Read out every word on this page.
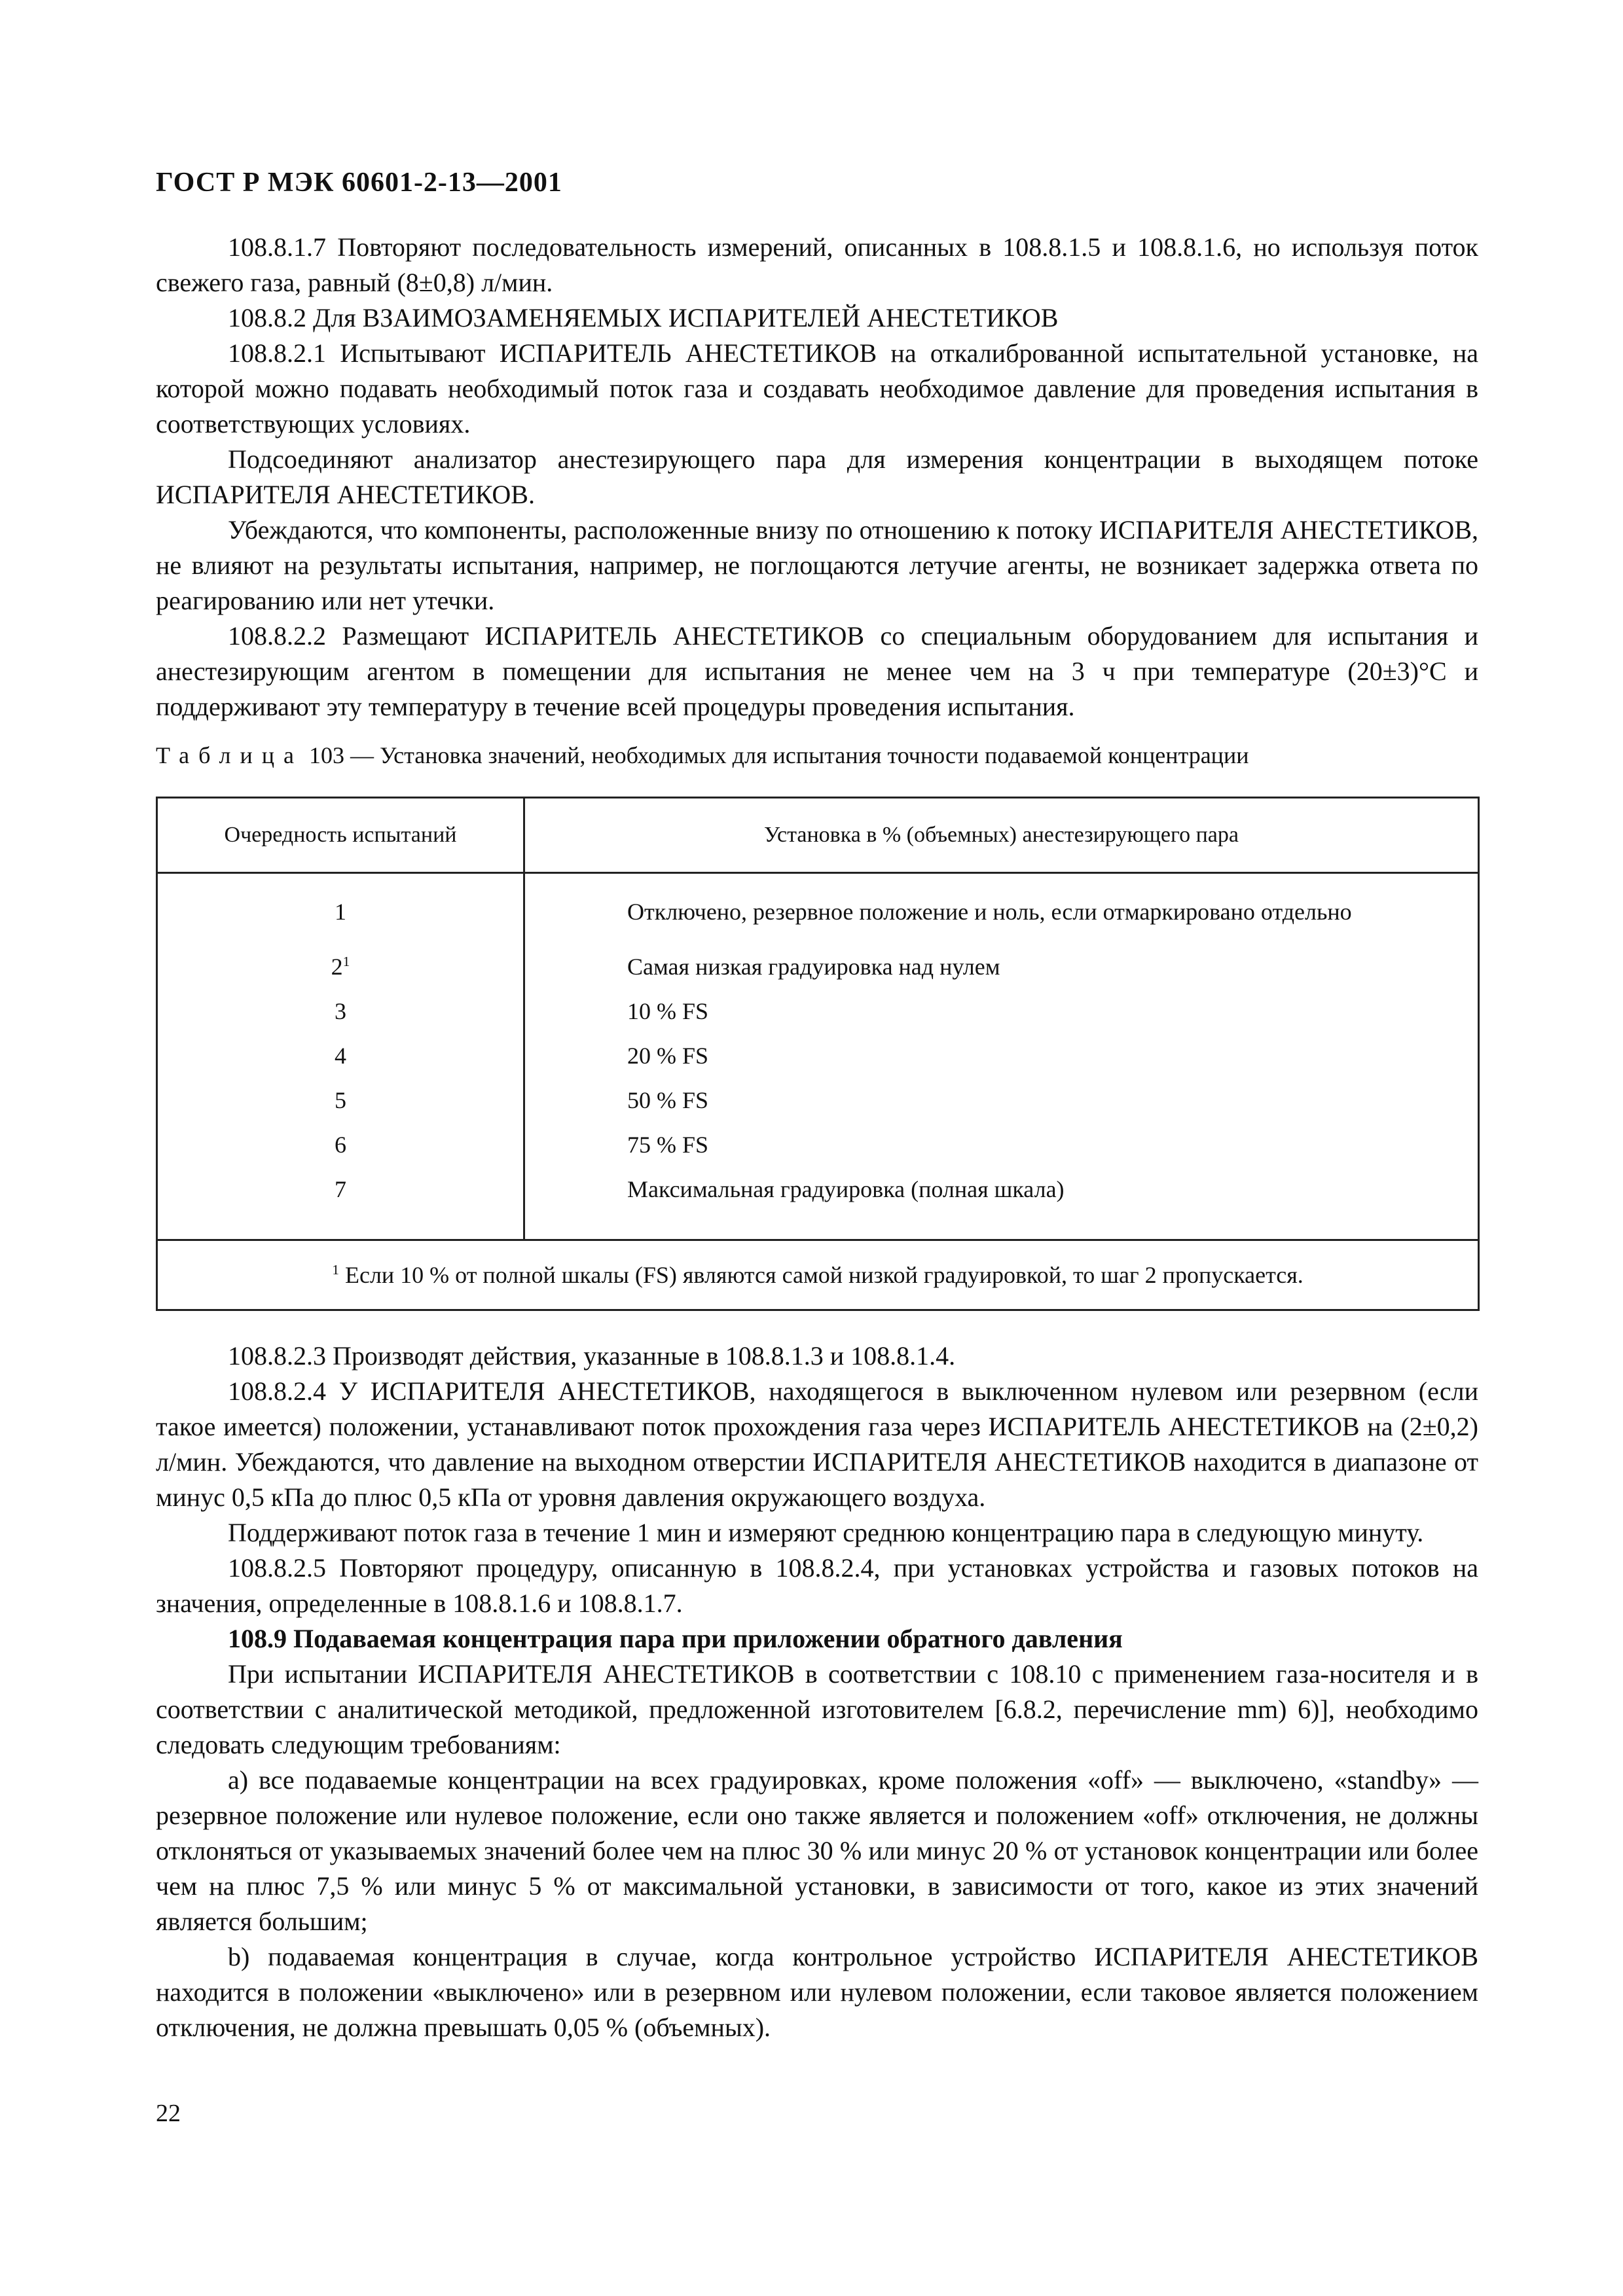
ГОСТ Р МЭК 60601-2-13—2001

108.8.1.7 Повторяют последовательность измерений, описанных в 108.8.1.5 и 108.8.1.6, но используя поток свежего газа, равный (8±0,8) л/мин.

108.8.2 Для ВЗАИМОЗАМЕНЯЕМЫХ ИСПАРИТЕЛЕЙ АНЕСТЕТИКОВ

108.8.2.1 Испытывают ИСПАРИТЕЛЬ АНЕСТЕТИКОВ на откалиброванной испытательной установке, на которой можно подавать необходимый поток газа и создавать необходимое давление для проведения испытания в соответствующих условиях.

Подсоединяют анализатор анестезирующего пара для измерения концентрации в выходящем потоке ИСПАРИТЕЛЯ АНЕСТЕТИКОВ.

Убеждаются, что компоненты, расположенные внизу по отношению к потоку ИСПАРИТЕЛЯ АНЕСТЕТИКОВ, не влияют на результаты испытания, например, не поглощаются летучие агенты, не возникает задержка ответа по реагированию или нет утечки.

108.8.2.2 Размещают ИСПАРИТЕЛЬ АНЕСТЕТИКОВ со специальным оборудованием для испытания и анестезирующим агентом в помещении для испытания не менее чем на 3 ч при температуре (20±3)°С и поддерживают эту температуру в течение всей процедуры проведения испытания.

Таблица 103 — Установка значений, необходимых для испытания точности подаваемой концентрации

Очередность испытаний	Установка в % (объемных) анестезирующего пара
1	Отключено, резервное положение и ноль, если отмаркировано отдельно

$2^1$	Самая низкая градуировка над нулем

3	10 % FS

4	20 % FS

5	50 % FS

6	75 % FS

7	Максимальная градуировка (полная шкала)

$^1$ Если 10 % от полной шкалы (FS) являются самой низкой градуировкой, то шаг 2 пропускается.	

108.8.2.3 Производят действия, указанные в 108.8.1.3 и 108.8.1.4.

108.8.2.4 У ИСПАРИТЕЛЯ АНЕСТЕТИКОВ, находящегося в выключенном нулевом или резервном (если такое имеется) положении, устанавливают поток прохождения газа через ИСПАРИТЕЛЬ АНЕСТЕТИКОВ на (2±0,2) л/мин. Убеждаются, что давление на выходном отверстии ИСПАРИТЕЛЯ АНЕСТЕТИКОВ находится в диапазоне от минус 0,5 кПа до плюс 0,5 кПа от уровня давления окружающего воздуха.

Поддерживают поток газа в течение 1 мин и измеряют среднюю концентрацию пара в следующую минуту.

108.8.2.5 Повторяют процедуру, описанную в 108.8.2.4, при установках устройства и газовых потоков на значения, определенные в 108.8.1.6 и 108.8.1.7.

108.9 Подаваемая концентрация пара при приложении обратного давления

При испытании ИСПАРИТЕЛЯ АНЕСТЕТИКОВ в соответствии с 108.10 с применением газа-носителя и в соответствии с аналитической методикой, предложенной изготовителем [6.8.2, перечисление mm) 6)], необходимо следовать следующим требованиям:

a) все подаваемые концентрации на всех градуировках, кроме положения «off» — выключено, «standby» — резервное положение или нулевое положение, если оно также является и положением «off» отключения, не должны отклоняться от указываемых значений более чем на плюс 30 % или минус 20 % от установок концентрации или более чем на плюс 7,5 % или минус 5 % от максимальной установки, в зависимости от того, какое из этих значений является большим;

b) подаваемая концентрация в случае, когда контрольное устройство ИСПАРИТЕЛЯ АНЕСТЕТИКОВ находится в положении «выключено» или в резервном или нулевом положении, если таковое является положением отключения, не должна превышать 0,05 % (объемных).

22
